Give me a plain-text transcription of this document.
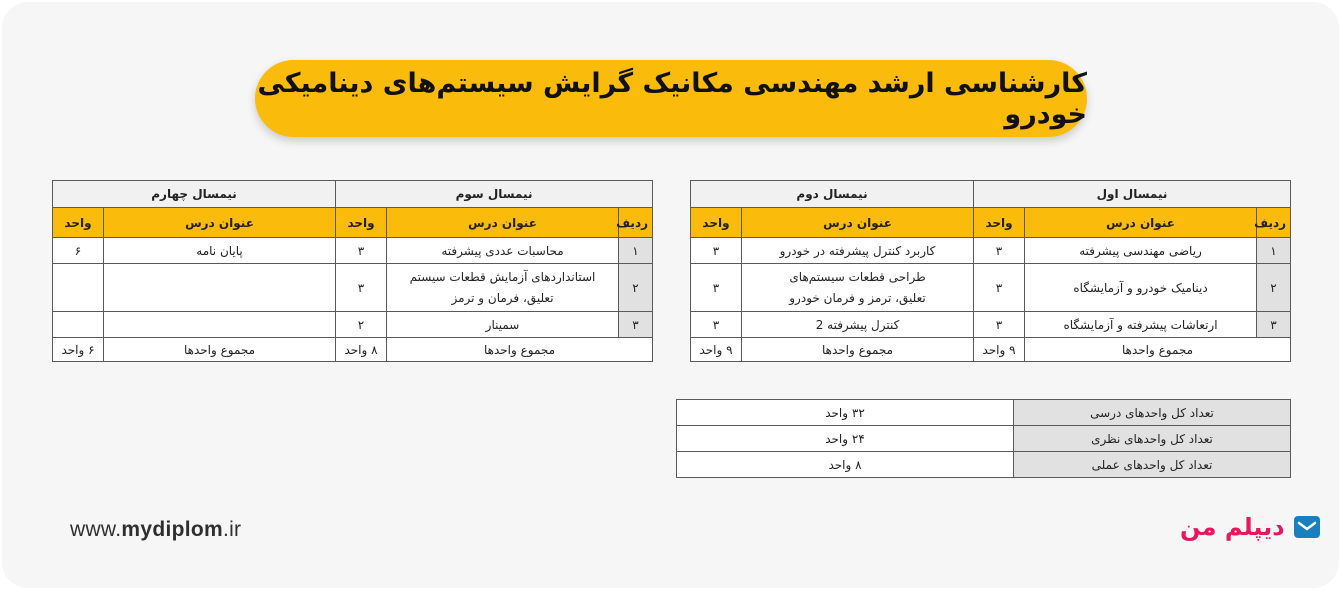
کارشناسی ارشد مهندسی مکانیک گرایش سیستم‌های دینامیکی خودرو
نیمسال اول			نیمسال دوم	
ردیف	عنوان درس	واحد	عنوان درس	واحد
۱	ریاضی مهندسی پیشرفته	۳	کاربرد کنترل پیشرفته در خودرو	۳
۲	دینامیک خودرو و آزمایشگاه	۳	طراحی قطعات سیستم‌های
تعلیق، ترمز و فرمان خودرو	۳
۳	ارتعاشات پیشرفته و آزمایشگاه	۳	کنترل پیشرفته 2	۳
مجموع واحدها		۹ واحد	مجموع واحدها	۹ واحد
نیمسال سوم			نیمسال چهارم	
ردیف	عنوان درس	واحد	عنوان درس	واحد
۱	محاسبات عددی پیشرفته	۳	پایان نامه	۶
۲	استانداردهای آزمایش قطعات سیستم
تعلیق، فرمان و ترمز	۳		
۳	سمینار	۲		
مجموع واحدها		۸ واحد	مجموع واحدها	۶ واحد
تعداد کل واحدهای درسی	۳۲ واحد
تعداد کل واحدهای نظری	۲۴ واحد
تعداد کل واحدهای عملی	۸ واحد
www.mydiplom.ir	دیپلم من
